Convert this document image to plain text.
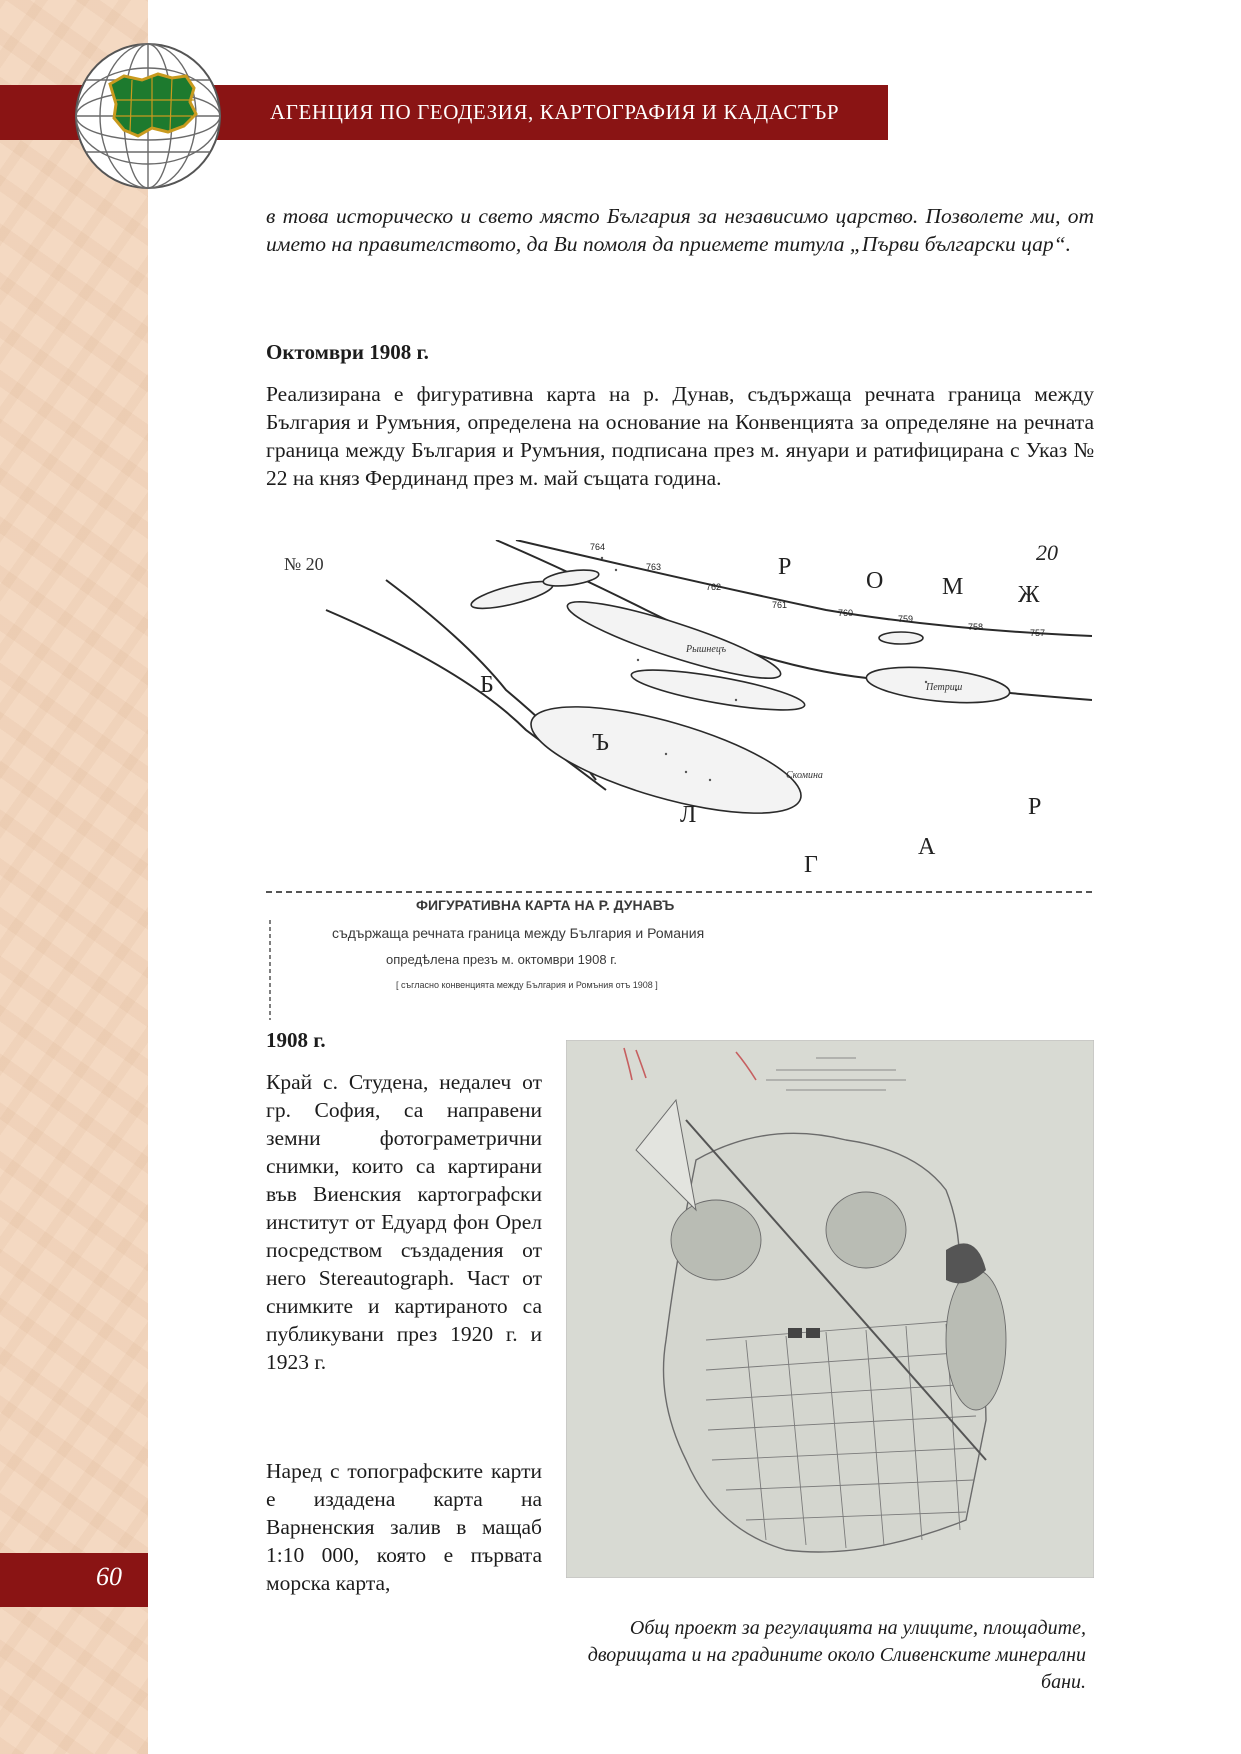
АГЕНЦИЯ ПО ГЕОДЕЗИЯ, КАРТОГРАФИЯ И КАДАСТЪР
в това историческо и свето място България за независимо царство. Позволете ми, от името на правителството, да Ви помоля да приемете титула „Първи български цар“.
Октомври 1908 г.
Реализирана е фигуративна карта на р. Дунав, съдържаща речната граница между България и Румъния, определена на основание на Конвенцията за определяне на речната граница между България и Румъния, подписана през м. януари и ратифицирана с Указ № 22 на княз Фердинанд през м. май същата година.
№ 20	20
764
763
762
761
760
759
758
757
Р
О М Ж
Б
Ъ
Л
Г
А
Р
Рышнецъ
Петриш
Скомина
ФИГУРАТИВНА КАРТА НА Р. ДУНАВЪ
съдържаща речната граница между България и Романия
опредѣлена презъ м. октомври 1908 г.
[ съгласно конвенцията между България и Ромъния отъ 1908 ]
1908 г.
Край с. Студена, недалеч от гр. София, са направени земни фотограметрични снимки, които са картирани във Виенския картографски институт от Едуард фон Орел посредством създадения от него Stereautograph. Част от снимките и картираното са публикувани през 1920 г. и 1923 г.
Наред с топографските карти е издадена карта на Варненския залив в мащаб 1:10 000, която е първата морска карта,
Общ проект за регулацията на улиците, площадите, дворищата и на градините около Сливенските минерални бани.
60
